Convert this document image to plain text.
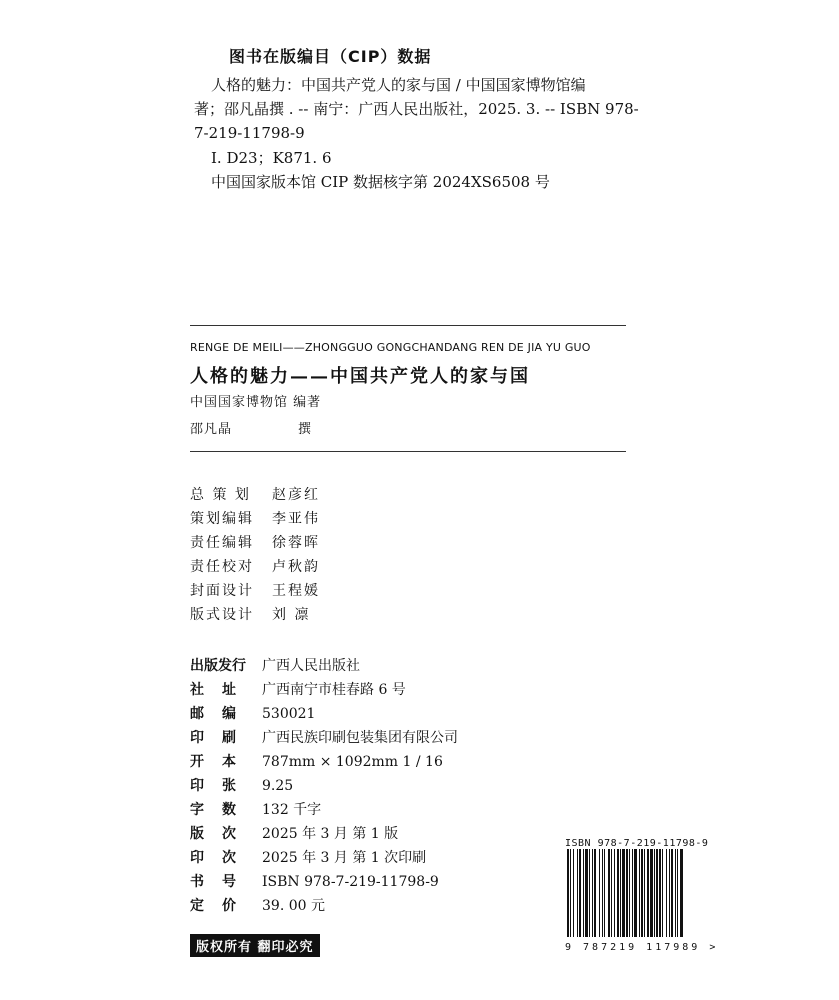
图书在版编目（CIP）数据
人格的魅力：中国共产党人的家与国 / 中国国家博物馆编
著；邵凡晶撰 . -- 南宁：广西人民出版社，2025. 3. -- ISBN 978-
7-219-11798-9
Ⅰ. D23；K871. 6
中国国家版本馆 CIP 数据核字第 2024XS6508 号
RENGE DE MEILI——ZHONGGUO GONGCHANDANG REN DE JIA YU GUO
人格的魅力——中国共产党人的家与国
中国国家博物馆 编著
邵凡晶	撰
总 策 划 赵彦红
策划编辑 李亚伟
责任编辑 徐蓉晖
责任校对 卢秋韵
封面设计 王程媛
版式设计 刘 凛
出版发行 广西人民出版社
社址 广西南宁市桂春路 6 号
邮编 530021
印刷 广西民族印刷包装集团有限公司
开本 787mm × 1092mm 1 / 16
印张 9.25
字数 132 千字
版次 2025 年 3 月 第 1 版
印次 2025 年 3 月 第 1 次印刷
书号 ISBN 978-7-219-11798-9
定价 39. 00 元
版权所有 翻印必究
ISBN 978-7-219-11798-9
9 787219 117989 >
